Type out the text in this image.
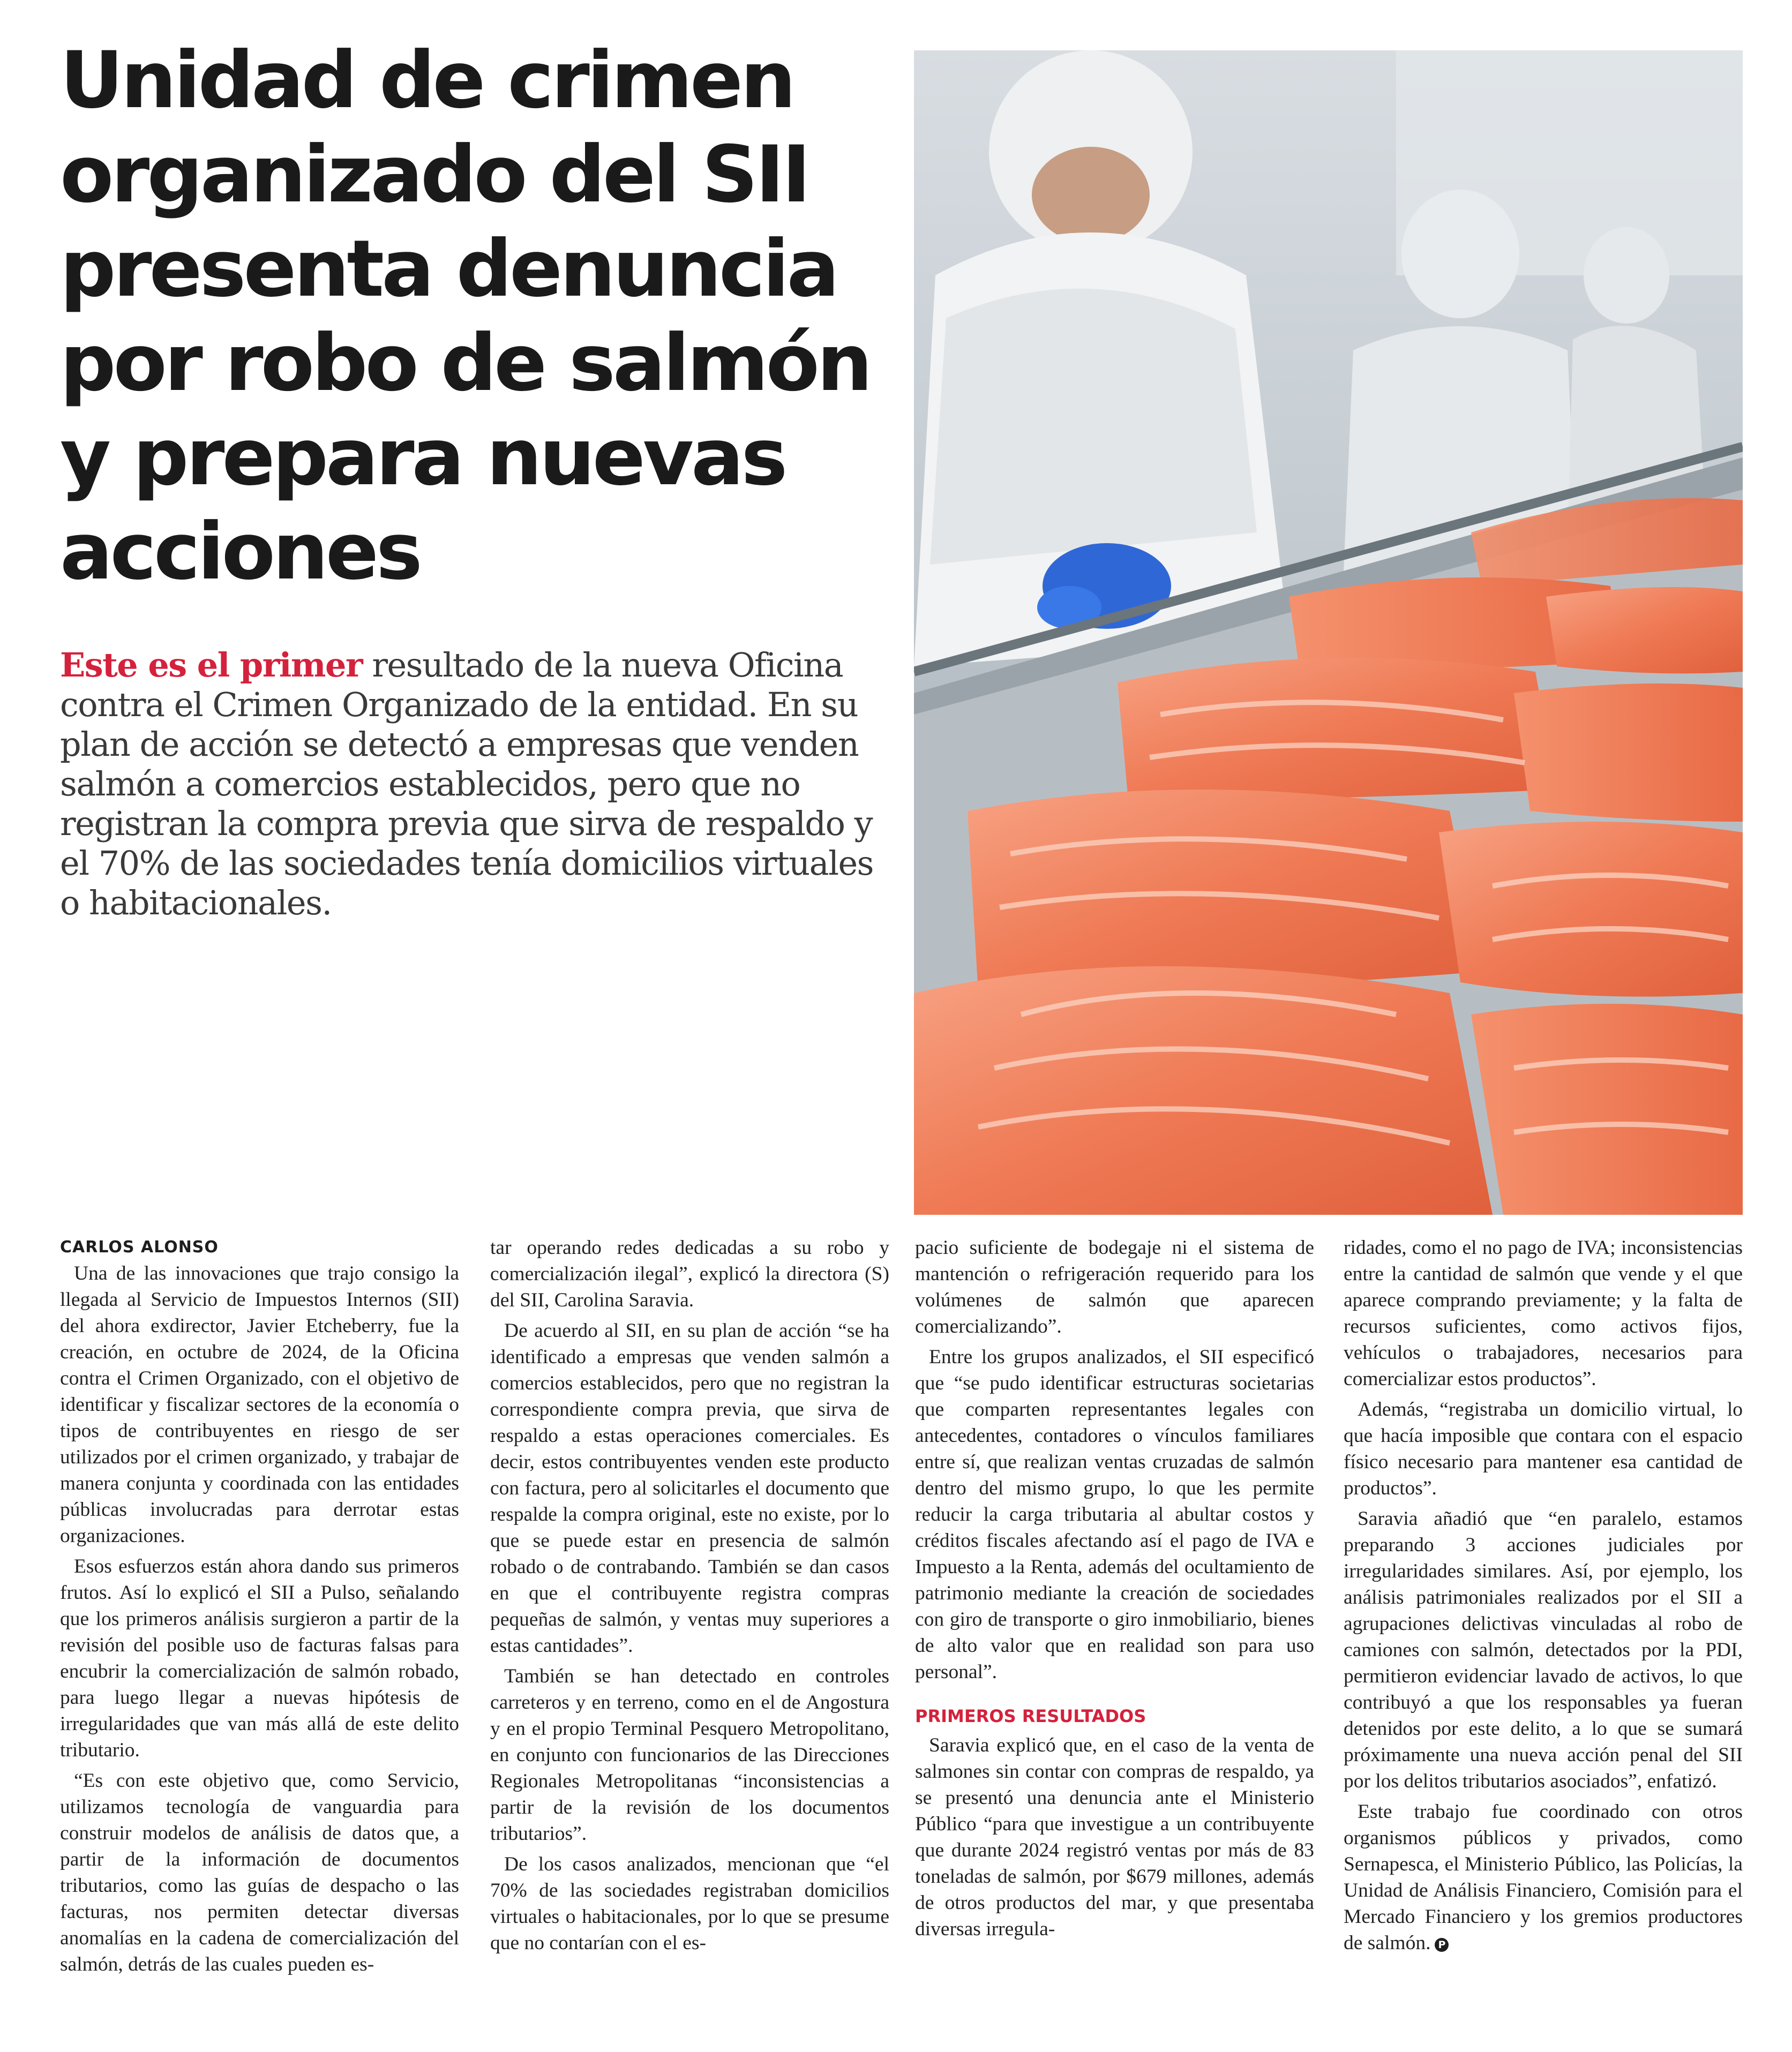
Unidad de crimen organizado del SII presenta denuncia por robo de salmón y prepara nuevas acciones

Este es el primer resultado de la nueva Oficina contra el Crimen Organizado de la entidad. En su plan de acción se detectó a empresas que venden salmón a comercios establecidos, pero que no registran la compra previa que sirva de respaldo y el 70% de las sociedades tenía domicilios virtuales o habitacionales.

CARLOS ALONSO

Una de las innovaciones que trajo consigo la llegada al Servicio de Impuestos Internos (SII) del ahora exdirector, Javier Etcheberry, fue la creación, en octubre de 2024, de la Oficina contra el Crimen Organizado, con el objetivo de identificar y fiscalizar sectores de la economía o tipos de contribuyentes en riesgo de ser utilizados por el crimen organizado, y trabajar de manera conjunta y coordinada con las entidades públicas involucradas para derrotar estas organizaciones.

Esos esfuerzos están ahora dando sus primeros frutos. Así lo explicó el SII a Pulso, señalando que los primeros análisis surgieron a partir de la revisión del posible uso de facturas falsas para encubrir la comercialización de salmón robado, para luego llegar a nuevas hipótesis de irregularidades que van más allá de este delito tributario.

“Es con este objetivo que, como Servicio, utilizamos tecnología de vanguardia para construir modelos de análisis de datos que, a partir de la información de documentos tributarios, como las guías de despacho o las facturas, nos permiten detectar diversas anomalías en la cadena de comercialización del salmón, detrás de las cuales pueden es-

tar operando redes dedicadas a su robo y comercialización ilegal”, explicó la directora (S) del SII, Carolina Saravia.

De acuerdo al SII, en su plan de acción “se ha identificado a empresas que venden salmón a comercios establecidos, pero que no registran la correspondiente compra previa, que sirva de respaldo a estas operaciones comerciales. Es decir, estos contribuyentes venden este producto con factura, pero al solicitarles el documento que respalde la compra original, este no existe, por lo que se puede estar en presencia de salmón robado o de contrabando. También se dan casos en que el contribuyente registra compras pequeñas de salmón, y ventas muy superiores a estas cantidades”.

También se han detectado en controles carreteros y en terreno, como en el de Angostura y en el propio Terminal Pesquero Metropolitano, en conjunto con funcionarios de las Direcciones Regionales Metropolitanas “inconsistencias a partir de la revisión de los documentos tributarios”.

De los casos analizados, mencionan que “el 70% de las sociedades registraban domicilios virtuales o habitacionales, por lo que se presume que no contarían con el es-

pacio suficiente de bodegaje ni el sistema de mantención o refrigeración requerido para los volúmenes de salmón que aparecen comercializando”.

Entre los grupos analizados, el SII especificó que “se pudo identificar estructuras societarias que comparten representantes legales con antecedentes, contadores o vínculos familiares entre sí, que realizan ventas cruzadas de salmón dentro del mismo grupo, lo que les permite reducir la carga tributaria al abultar costos y créditos fiscales afectando así el pago de IVA e Impuesto a la Renta, además del ocultamiento de patrimonio mediante la creación de sociedades con giro de transporte o giro inmobiliario, bienes de alto valor que en realidad son para uso personal”.

PRIMEROS RESULTADOS

Saravia explicó que, en el caso de la venta de salmones sin contar con compras de respaldo, ya se presentó una denuncia ante el Ministerio Público “para que investigue a un contribuyente que durante 2024 registró ventas por más de 83 toneladas de salmón, por $679 millones, además de otros productos del mar, y que presentaba diversas irregula-

ridades, como el no pago de IVA; inconsistencias entre la cantidad de salmón que vende y el que aparece comprando previamente; y la falta de recursos suficientes, como activos fijos, vehículos o trabajadores, necesarios para comercializar estos productos”.

Además, “registraba un domicilio virtual, lo que hacía imposible que contara con el espacio físico necesario para mantener esa cantidad de productos”.

Saravia añadió que “en paralelo, estamos preparando 3 acciones judiciales por irregularidades similares. Así, por ejemplo, los análisis patrimoniales realizados por el SII a agrupaciones delictivas vinculadas al robo de camiones con salmón, detectados por la PDI, permitieron evidenciar lavado de activos, lo que contribuyó a que los responsables ya fueran detenidos por este delito, a lo que se sumará próximamente una nueva acción penal del SII por los delitos tributarios asociados”, enfatizó.

Este trabajo fue coordinado con otros organismos públicos y privados, como Sernapesca, el Ministerio Público, las Policías, la Unidad de Análisis Financiero, Comisión para el Mercado Financiero y los gremios productores de salmón. P
